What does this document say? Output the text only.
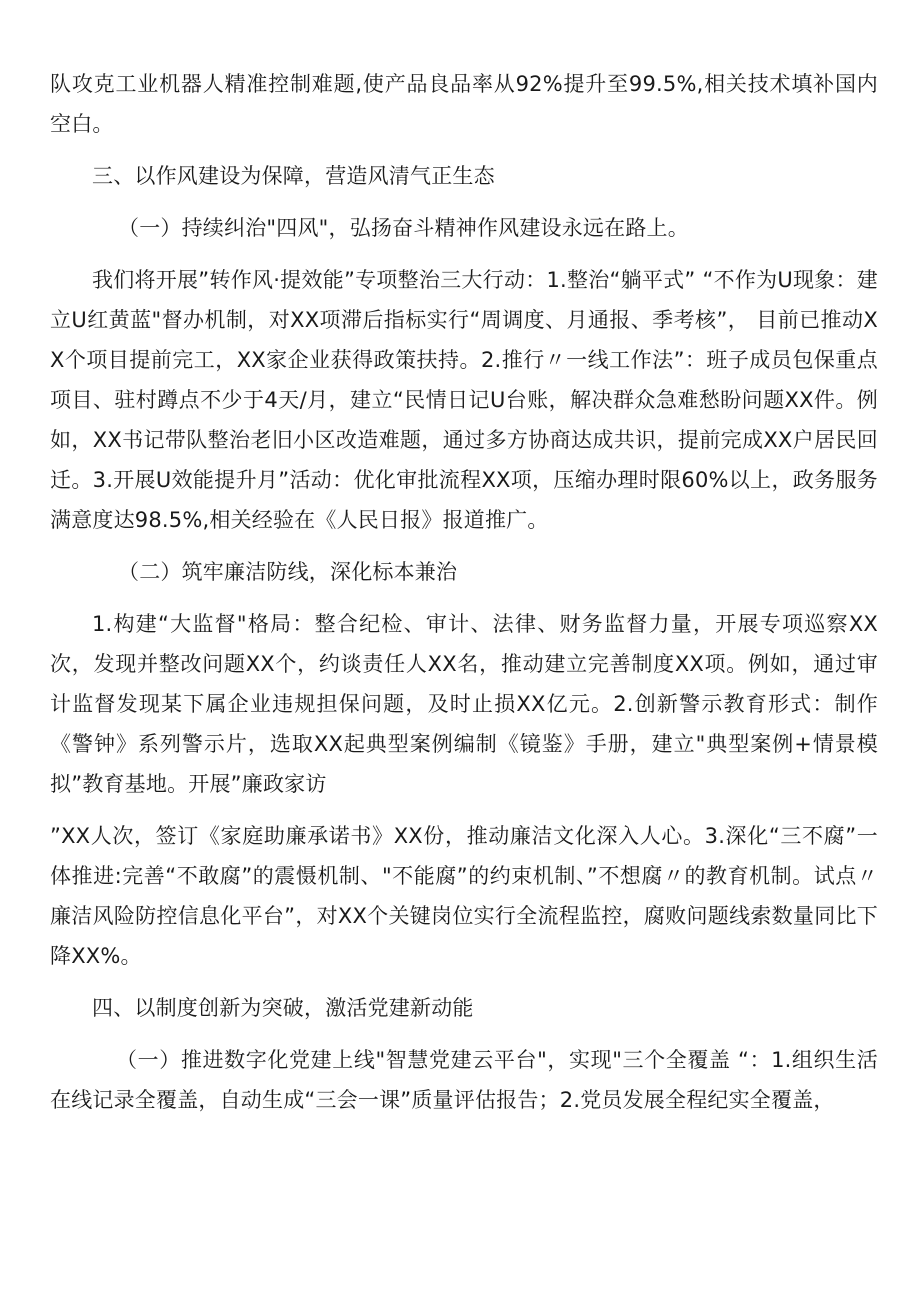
队攻克工业机器人精准控制难题,使产品良品率从92%提升至99.5%,相关技术填补国内空白。

三、以作风建设为保障，营造风清气正生态

（一）持续纠治"四风"，弘扬奋斗精神作风建设永远在路上。

我们将开展”转作风·提效能”专项整治三大行动：1.整治“躺平式” “不作为U现象：建立U红黄蓝"督办机制，对XX项滞后指标实行“周调度、月通报、季考核”， 目前已推动XX个项目提前完工，XX家企业获得政策扶持。2.推行〃一线工作法”：班子成员包保重点项目、驻村蹲点不少于4天/月，建立“民情日记U台账，解决群众急难愁盼问题XX件。例如，XX书记带队整治老旧小区改造难题，通过多方协商达成共识，提前完成XX户居民回迁。3.开展U效能提升月”活动：优化审批流程XX项，压缩办理时限60%以上，政务服务满意度达98.5%,相关经验在《人民日报》报道推广。

（二）筑牢廉洁防线，深化标本兼治

1.构建“大监督"格局：整合纪检、审计、法律、财务监督力量，开展专项巡察XX次，发现并整改问题XX个，约谈责任人XX名，推动建立完善制度XX项。例如，通过审计监督发现某下属企业违规担保问题，及时止损XX亿元。2.创新警示教育形式：制作《警钟》系列警示片，选取XX起典型案例编制《镜鉴》手册，建立"典型案例+情景模拟”教育基地。开展”廉政家访

”XX人次，签订《家庭助廉承诺书》XX份，推动廉洁文化深入人心。3.深化“三不腐”一体推进:完善“不敢腐”的震慑机制、"不能腐”的约束机制、”不想腐〃的教育机制。试点〃廉洁风险防控信息化平台”，对XX个关键岗位实行全流程监控，腐败问题线索数量同比下降XX%。

四、以制度创新为突破，激活党建新动能

（一）推进数字化党建上线"智慧党建云平台"，实现"三个全覆盖 “：1.组织生活在线记录全覆盖，自动生成“三会一课”质量评估报告；2.党员发展全程纪实全覆盖，
